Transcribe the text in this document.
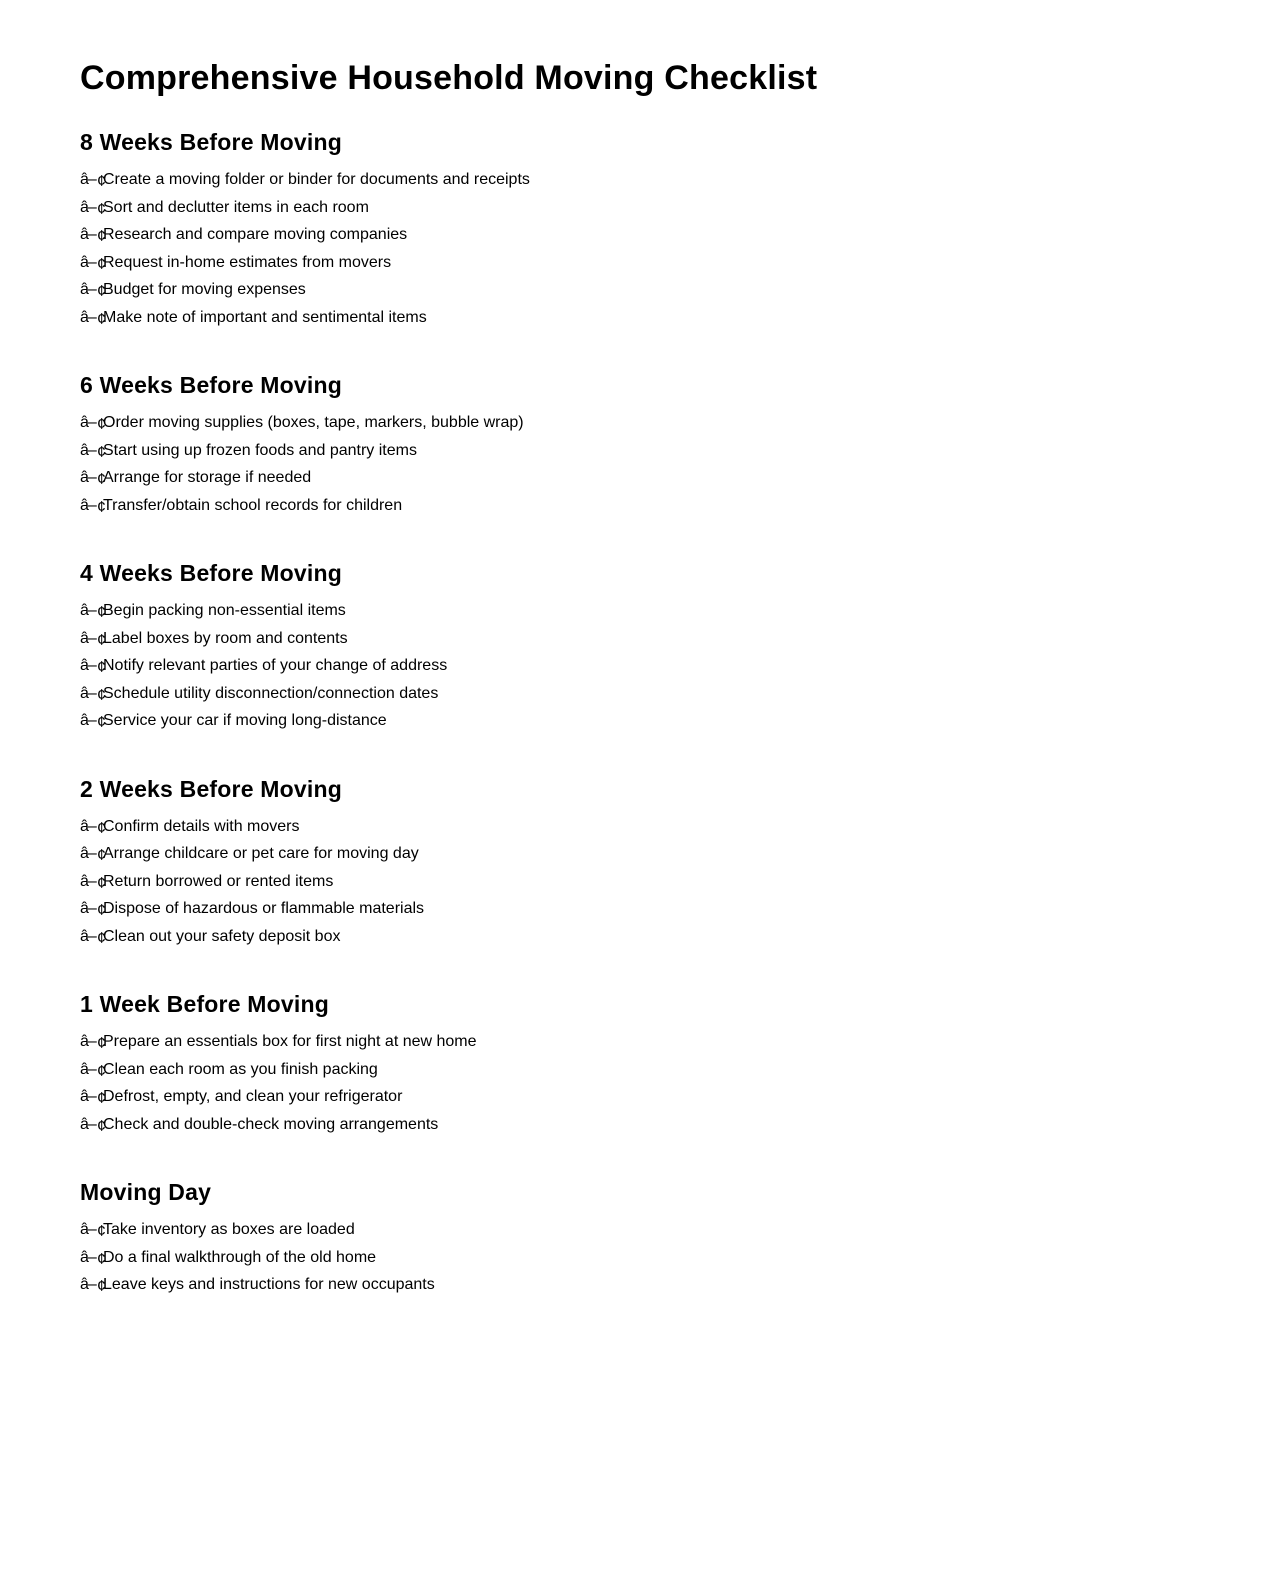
Comprehensive Household Moving Checklist
8 Weeks Before Moving
â– ¢
Create a moving folder or binder for documents and receipts
â– ¢
Sort and declutter items in each room
â– ¢
Research and compare moving companies
â– ¢
Request in-home estimates from movers
â– ¢
Budget for moving expenses
â– ¢
Make note of important and sentimental items
6 Weeks Before Moving
â– ¢
Order moving supplies (boxes, tape, markers, bubble wrap)
â– ¢
Start using up frozen foods and pantry items
â– ¢
Arrange for storage if needed
â– ¢
Transfer/obtain school records for children
4 Weeks Before Moving
â– ¢
Begin packing non-essential items
â– ¢
Label boxes by room and contents
â– ¢
Notify relevant parties of your change of address
â– ¢
Schedule utility disconnection/connection dates
â– ¢
Service your car if moving long-distance
2 Weeks Before Moving
â– ¢
Confirm details with movers
â– ¢
Arrange childcare or pet care for moving day
â– ¢
Return borrowed or rented items
â– ¢
Dispose of hazardous or flammable materials
â– ¢
Clean out your safety deposit box
1 Week Before Moving
â– ¢
Prepare an essentials box for first night at new home
â– ¢
Clean each room as you finish packing
â– ¢
Defrost, empty, and clean your refrigerator
â– ¢
Check and double-check moving arrangements
Moving Day
â– ¢
Take inventory as boxes are loaded
â– ¢
Do a final walkthrough of the old home
â– ¢
Leave keys and instructions for new occupants
